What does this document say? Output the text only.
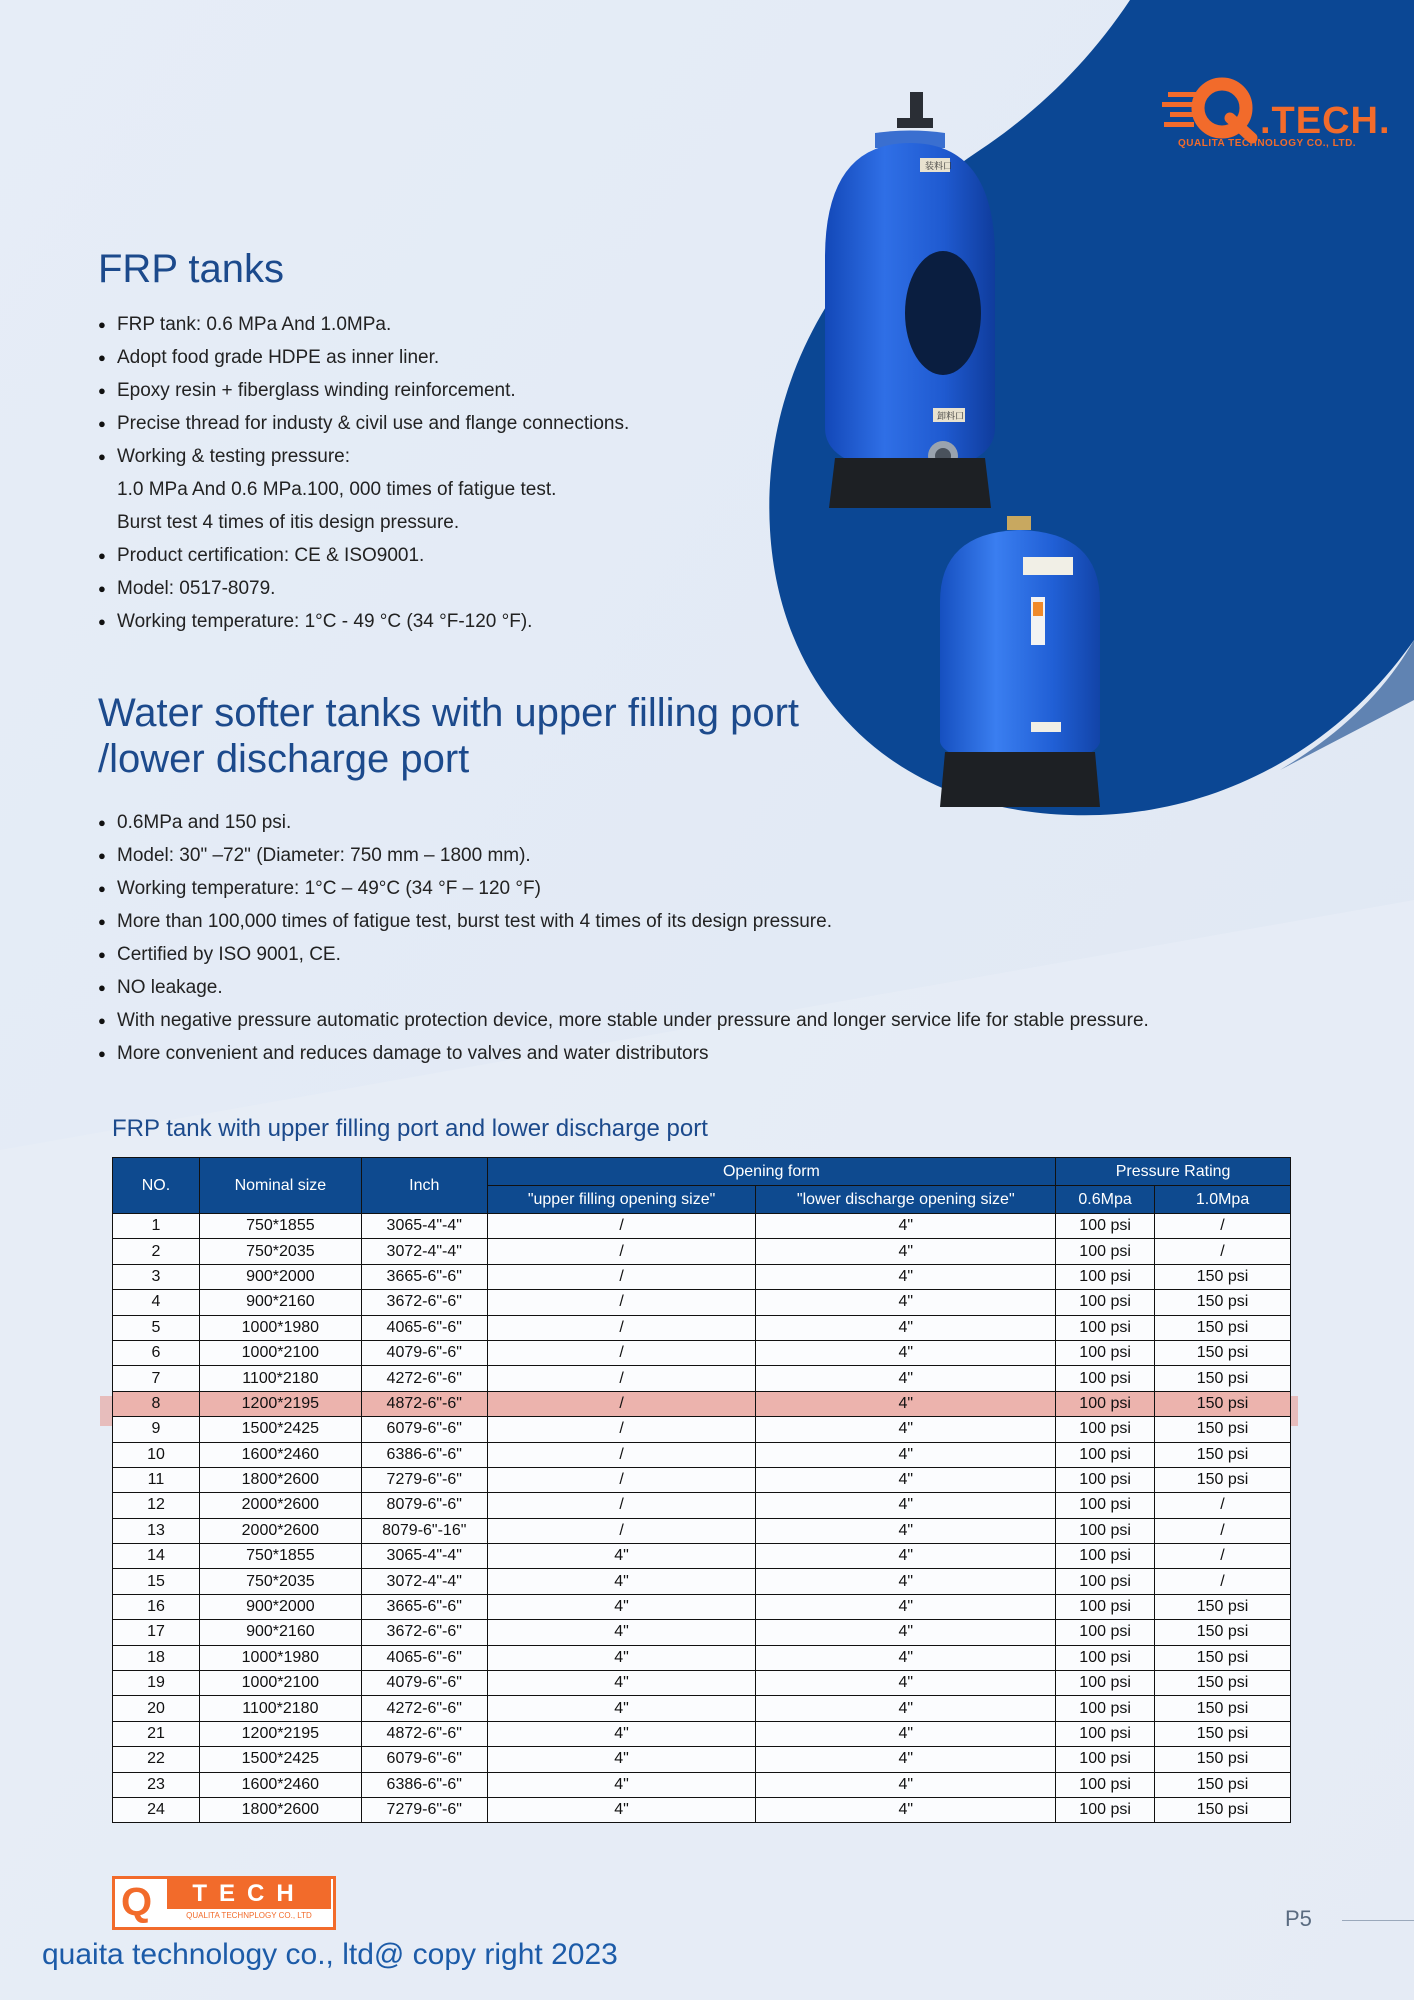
.TECH.
QUALITA TECHNOLOGY CO., LTD.
装料口
卸料口
FRP tanks
● FRP tank: 0.6 MPa And 1.0MPa.
● Adopt food grade HDPE as inner liner.
● Epoxy resin + fiberglass winding reinforcement.
● Precise thread for industy & civil use and flange connections.
● Working & testing pressure:
1.0 MPa And 0.6 MPa.100, 000 times of fatigue test.
Burst test 4 times of itis design pressure.
● Product certification: CE & ISO9001.
● Model: 0517-8079.
● Working temperature: 1°C - 49 °C (34 °F-120 °F).
Water softer tanks with upper filling port
/lower discharge port
● 0.6MPa and 150 psi.
● Model: 30" –72" (Diameter: 750 mm – 1800 mm).
● Working temperature: 1°C – 49°C (34 °F – 120 °F)
● More than 100,000 times of fatigue test, burst test with 4 times of its design pressure.
● Certified by ISO 9001, CE.
● NO leakage.
● With negative pressure automatic protection device, more stable under pressure and longer service life for stable pressure.
● More convenient and reduces damage to valves and water distributors
FRP tank with upper filling port and lower discharge port
NO.	Nominal size	Inch	Opening form		Pressure Rating	
			"upper filling opening size"	"lower discharge opening size"	0.6Mpa	1.0Mpa
1	750*1855	3065-4"-4"	/	4"	100 psi	/
2	750*2035	3072-4"-4"	/	4"	100 psi	/
3	900*2000	3665-6"-6"	/	4"	100 psi	150 psi
4	900*2160	3672-6"-6"	/	4"	100 psi	150 psi
5	1000*1980	4065-6"-6"	/	4"	100 psi	150 psi
6	1000*2100	4079-6"-6"	/	4"	100 psi	150 psi
7	1100*2180	4272-6"-6"	/	4"	100 psi	150 psi
8	1200*2195	4872-6"-6"	/	4"	100 psi	150 psi
9	1500*2425	6079-6"-6"	/	4"	100 psi	150 psi
10	1600*2460	6386-6"-6"	/	4"	100 psi	150 psi
11	1800*2600	7279-6"-6"	/	4"	100 psi	150 psi
12	2000*2600	8079-6"-6"	/	4"	100 psi	/
13	2000*2600	8079-6"-16"	/	4"	100 psi	/
14	750*1855	3065-4"-4"	4"	4"	100 psi	/
15	750*2035	3072-4"-4"	4"	4"	100 psi	/
16	900*2000	3665-6"-6"	4"	4"	100 psi	150 psi
17	900*2160	3672-6"-6"	4"	4"	100 psi	150 psi
18	1000*1980	4065-6"-6"	4"	4"	100 psi	150 psi
19	1000*2100	4079-6"-6"	4"	4"	100 psi	150 psi
20	1100*2180	4272-6"-6"	4"	4"	100 psi	150 psi
21	1200*2195	4872-6"-6"	4"	4"	100 psi	150 psi
22	1500*2425	6079-6"-6"	4"	4"	100 psi	150 psi
23	1600*2460	6386-6"-6"	4"	4"	100 psi	150 psi
24	1800*2600	7279-6"-6"	4"	4"	100 psi	150 psi
Q	TECH
QUALITA TECHNPLOGY CO., LTD
quaita technology co., ltd@ copy right 2023
P5
